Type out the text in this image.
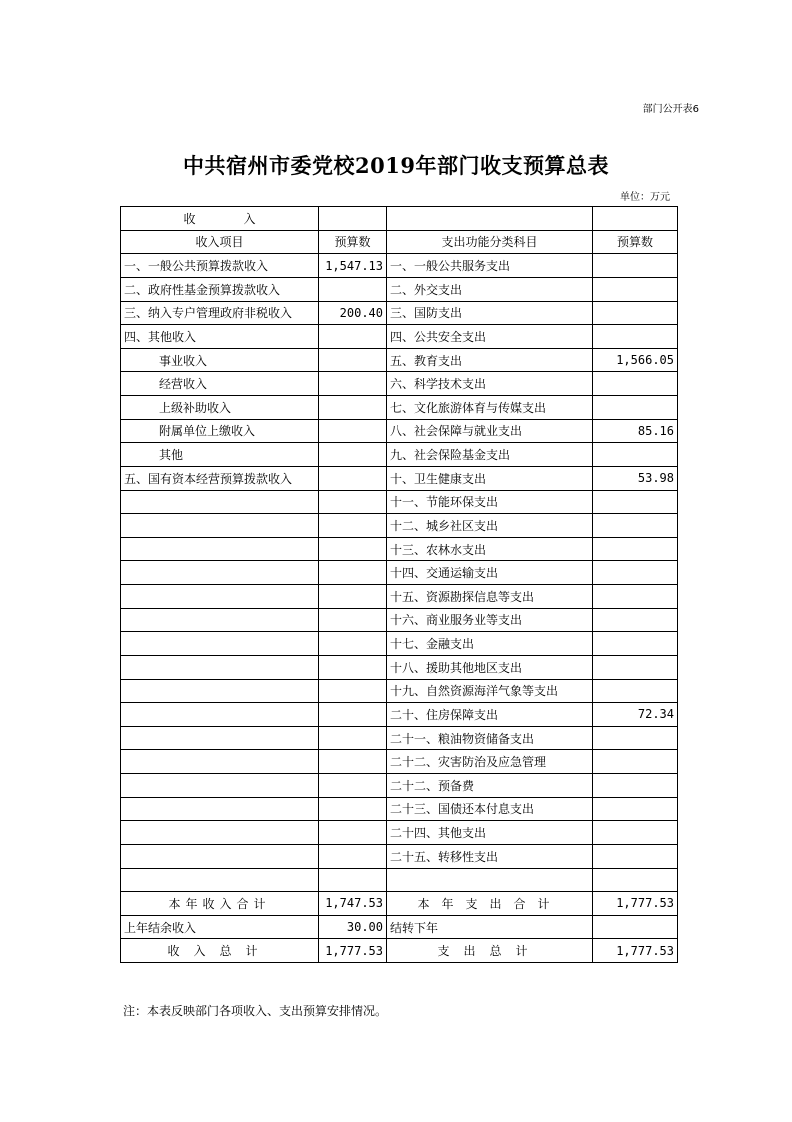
部门公开表6
中共宿州市委党校2019年部门收支预算总表
单位：万元
收　　　　入			
收入项目	预算数	支出功能分类科目	预算数
一、一般公共预算拨款收入	1,547.13	一、一般公共服务支出	
二、政府性基金预算拨款收入		二、外交支出	
三、纳入专户管理政府非税收入	200.40	三、国防支出	
四、其他收入		四、公共安全支出	
事业收入		五、教育支出	1,566.05
经营收入		六、科学技术支出	
上级补助收入		七、文化旅游体育与传媒支出	
附属单位上缴收入		八、社会保障与就业支出	85.16
其他		九、社会保险基金支出	
五、国有资本经营预算拨款收入		十、卫生健康支出	53.98
		十一、节能环保支出	
		十二、城乡社区支出	
		十三、农林水支出	
		十四、交通运输支出	
		十五、资源勘探信息等支出	
		十六、商业服务业等支出	
		十七、金融支出	
		十八、援助其他地区支出	
		十九、自然资源海洋气象等支出	
		二十、住房保障支出	72.34
		二十一、粮油物资储备支出	
		二十二、灾害防治及应急管理	
		二十二、预备费	
		二十三、国债还本付息支出	
		二十四、其他支出	
		二十五、转移性支出	

本年收入合计	1,747.53	本年支出合计	1,777.53
上年结余收入	30.00	结转下年	
收入总计	1,777.53	支出总计	1,777.53
注：本表反映部门各项收入、支出预算安排情况。
